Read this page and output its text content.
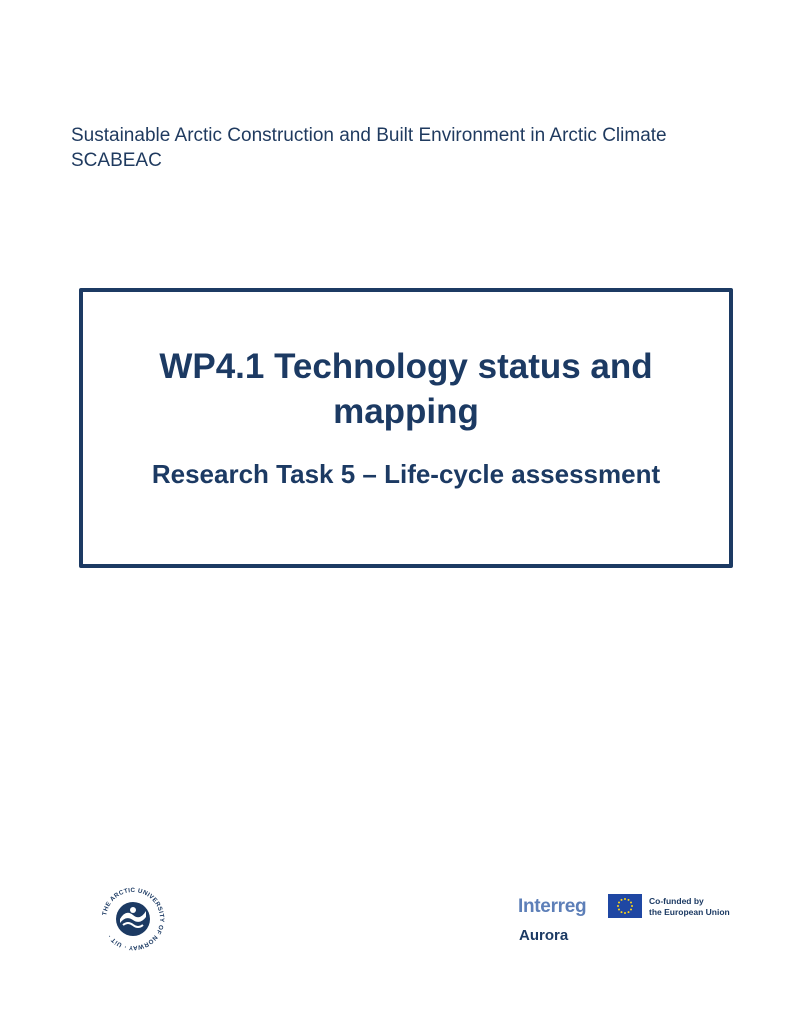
Sustainable Arctic Construction and Built Environment in Arctic Climate
SCABEAC
WP4.1 Technology status and mapping
Research Task 5 – Life-cycle assessment
THE ARCTIC UNIVERSITY OF NORWAY · UiT ·
Interreg	Co-funded by
the European Union
Aurora
